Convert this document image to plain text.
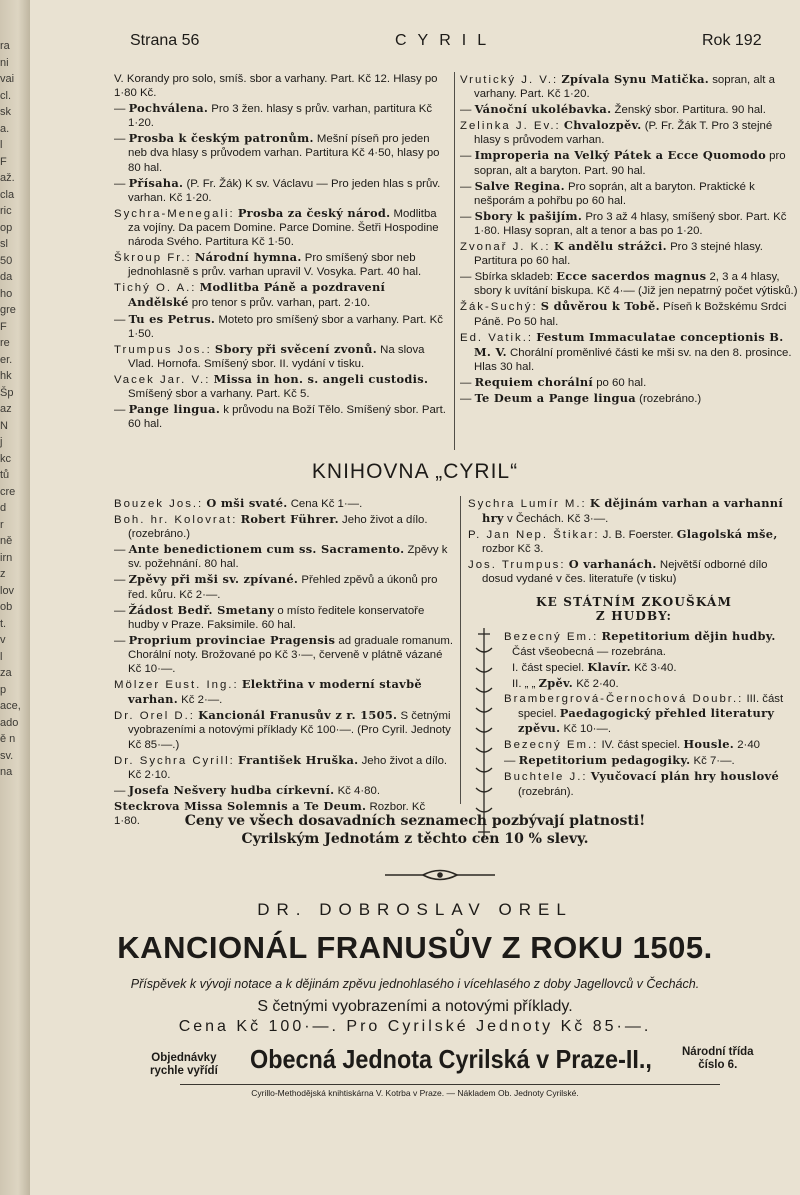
ra
ni
vai
cl.
sk
a.
l
F
až.
cla
ric
op
sl
50
da
ho
gre
F
re
er.
hk
Šp
az
N
j
kc
tů
cre
d
r
ně
irn
z
lov
ob
t.
v
l
za
p
ace,
ado
ě n
sv.
na
Strana 56	CYRIL	Rok 192
V. Korandy pro solo, smíš. sbor a varhany. Part. Kč 12. Hlasy po 1·80 Kč.
— Pochválena. Pro 3 žen. hlasy s prův. varhan, partitura Kč 1·20.
— Prosba k českým patronům. Mešní píseň pro jeden neb dva hlasy s průvodem varhan. Partitura Kč 4·50, hlasy po 80 hal.
— Přísaha. (P. Fr. Žák) K sv. Václavu — Pro jeden hlas s prův. varhan. Kč 1·20.
Sychra-Menegali: Prosba za český národ. Modlitba za vojíny. Da pacem Domine. Parce Domine. Šetři Hospodine národa Svého. Partitura Kč 1·50.
Škroup Fr.: Národní hymna. Pro smíšený sbor neb jednohlasně s prův. varhan upravil V. Vosyka. Part. 40 hal.
Tichý O. A.: Modlitba Páně a pozdravení Andělské pro tenor s prův. varhan, part. 2·10.
— Tu es Petrus. Moteto pro smíšený sbor a varhany. Part. Kč 1·50.
Trumpus Jos.: Sbory při svěcení zvonů. Na slova Vlad. Hornofa. Smíšený sbor. II. vydání v tisku.
Vacek Jar. V.: Missa in hon. s. angeli custodis. Smíšený sbor a varhany. Part. Kč 5.
— Pange lingua. k průvodu na Boží Tělo. Smíšený sbor. Part. 60 hal.
Vrutický J. V.: Zpívala Synu Matička. sopran, alt a varhany. Part. Kč 1·20.
— Vánoční ukolébavka. Ženský sbor. Partitura. 90 hal.
Zelinka J. Ev.: Chvalozpěv. (P. Fr. Žák T. Pro 3 stejné hlasy s průvodem varhan.
— Improperia na Velký Pátek a Ecce Quomodo pro sopran, alt a baryton. Part. 90 hal.
— Salve Regina. Pro soprán, alt a baryton. Praktické k nešporám a pohřbu po 60 hal.
— Sbory k pašijím. Pro 3 až 4 hlasy, smíšený sbor. Part. Kč 1·80. Hlasy sopran, alt a tenor a bas po 1·20.
Zvonař J. K.: K andělu strážci. Pro 3 stejné hlasy. Partitura po 60 hal.
— Sbírka skladeb: Ecce sacerdos magnus 2, 3 a 4 hlasy, sbory k uvítání biskupa. Kč 4·— (Již jen nepatrný počet výtisků.)
Žák-Suchý: S důvěrou k Tobě. Píseň k Božskému Srdci Páně. Po 50 hal.
Ed. Vatik.: Festum Immaculatae conceptionis B. M. V. Chorální proměnlivé části ke mši sv. na den 8. prosince. Hlas 30 hal.
— Requiem chorální po 60 hal.
— Te Deum a Pange lingua (rozebráno.)
KNIHOVNA „CYRIL“
Bouzek Jos.: O mši svaté. Cena Kč 1·—.
Boh. hr. Kolovrat: Robert Führer. Jeho život a dílo. (rozebráno.)
— Ante benedictionem cum ss. Sacramento. Zpěvy k sv. požehnání. 80 hal.
— Zpěvy při mši sv. zpívané. Přehled zpěvů a úkonů pro řed. kůru. Kč 2·—.
— Žádost Bedř. Smetany o místo ředitele konservatoře hudby v Praze. Faksimile. 60 hal.
— Proprium provinciae Pragensis ad graduale romanum. Chorální noty. Brožované po Kč 3·—, červeně v plátně vázané Kč 10·—.
Mölzer Eust. Ing.: Elektřina v moderní stavbě varhan. Kč 2·—.
Dr. Orel D.: Kancionál Franusův z r. 1505. S četnými vyobrazeními a notovými příklady Kč 100·—. (Pro Cyril. Jednoty Kč 85·—.)
Dr. Sychra Cyrill: František Hruška. Jeho život a dílo. Kč 2·10.
— Josefa Nešvery hudba církevní. Kč 4·80.
Steckrova Missa Solemnis a Te Deum. Rozbor. Kč 1·80.
Sychra Lumír M.: K dějinám varhan a varhanní hry v Čechách. Kč 3·—.
P. Jan Nep. Štikar: J. B. Foerster. Glagolská mše, rozbor Kč 3.
Jos. Trumpus: O varhanách. Největší odborné dílo dosud vydané v čes. literatuře (v tisku)
KE STÁTNÍM ZKOUŠKÁM
Z HUDBY:
Bezecný Em.: Repetitorium dějin hudby.
Část všeobecná — rozebrána.
I. část speciel. Klavír. Kč 3·40.
II. „ „ Zpěv. Kč 2·40.
Brambergrová-Černochová Doubr.: III. část speciel. Paedagogický přehled literatury zpěvu. Kč 10·—.
Bezecný Em.: IV. část speciel. Housle. 2·40
— Repetitorium pedagogiky. Kč 7·—.
Buchtele J.: Vyučovací plán hry houslové (rozebrán).
Ceny ve všech dosavadních seznamech pozbývají platnosti!
Cyrilským Jednotám z těchto cen 10 % slevy.
DR. DOBROSLAV OREL
KANCIONÁL FRANUSŮV Z ROKU 1505.
Příspěvek k vývoji notace a k dějinám zpěvu jednohlasého i vícehlasého z doby Jagellovců v Čechách.
S četnými vyobrazeními a notovými příklady.
Cena Kč 100·—. Pro Cyrilské Jednoty Kč 85·—.
Objednávky
rychle vyřídí Obecná Jednota Cyrilská v Praze-II.,	Národní třída
číslo 6.
Cyrillo-Methodějská knihtiskárna V. Kotrba v Praze. — Nákladem Ob. Jednoty Cyrilské.
